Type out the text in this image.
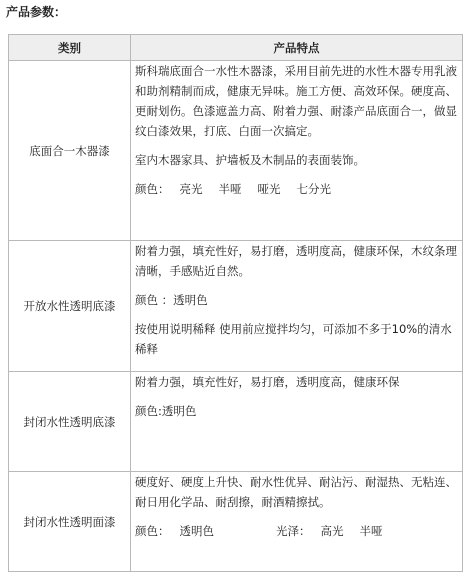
产品参数：
类别	产品特点
底面合一木器漆	斯科瑞底面合一水性木器漆，采用目前先进的水性木器专用乳液和助剂精制而成，健康无异味。施工方便、高效环保。硬度高、更耐划伤。色漆遮盖力高、附着力强、耐漆产品底面合一，做显纹白漆效果，打底、白面一次搞定。

室内木器家具、护墙板及木制品的表面装饰。

颜色： 亮光 半哑 哑光 七分光

开放水性透明底漆	附着力强，填充性好，易打磨，透明度高，健康环保，木纹条理清晰，手感贴近自然。

颜色 ：透明色

按使用说明稀释 使用前应搅拌均匀，可添加不多于10%的清水稀释

封闭水性透明底漆	附着力强，填充性好，易打磨，透明度高，健康环保

颜色:透明色

封闭水性透明面漆	硬度好、硬度上升快、耐水性优异、耐沾污、耐湿热、无粘连、耐日用化学品、耐刮擦，耐酒精擦拭。

颜色： 透明色 光泽： 高光 半哑
